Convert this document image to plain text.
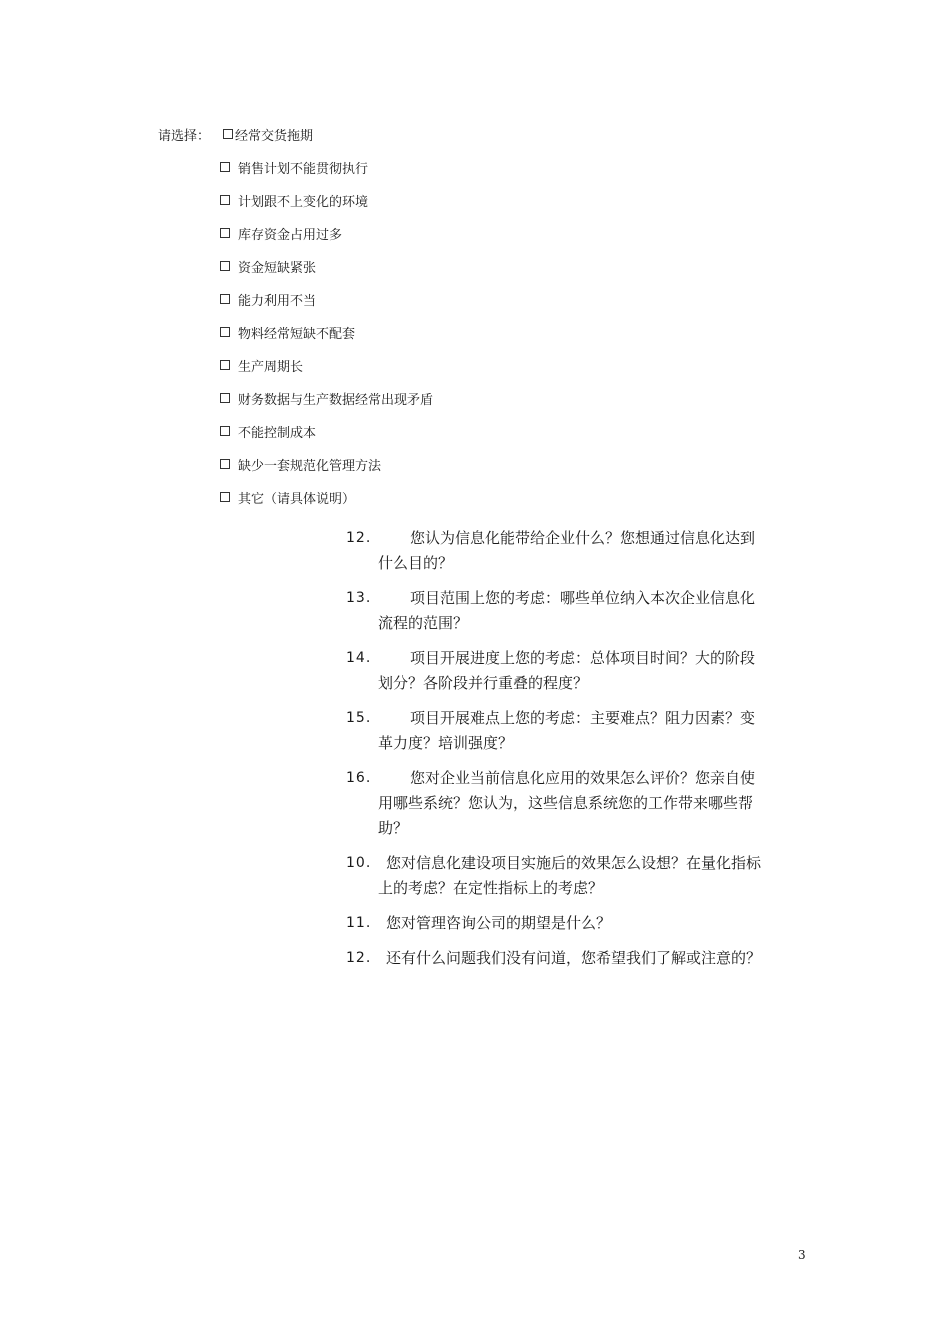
请选择： 经常交货拖期
销售计划不能贯彻执行
计划跟不上变化的环境
库存资金占用过多
资金短缺紧张
能力利用不当
物料经常短缺不配套
生产周期长
财务数据与生产数据经常出现矛盾
不能控制成本
缺少一套规范化管理方法
其它（请具体说明）
12.	您认为信息化能带给企业什么？您想通过信息化达到
什么目的？
13.	项目范围上您的考虑：哪些单位纳入本次企业信息化
流程的范围？
14.	项目开展进度上您的考虑：总体项目时间？大的阶段
划分？各阶段并行重叠的程度？
15.	项目开展难点上您的考虑：主要难点？阻力因素？变
革力度？培训强度？
16.	您对企业当前信息化应用的效果怎么评价？您亲自使
用哪些系统？您认为，这些信息系统您的工作带来哪些帮
助？
10. 您对信息化建设项目实施后的效果怎么设想？在量化指标
上的考虑？在定性指标上的考虑？
11. 您对管理咨询公司的期望是什么？
12. 还有什么问题我们没有问道，您希望我们了解或注意的？
3
